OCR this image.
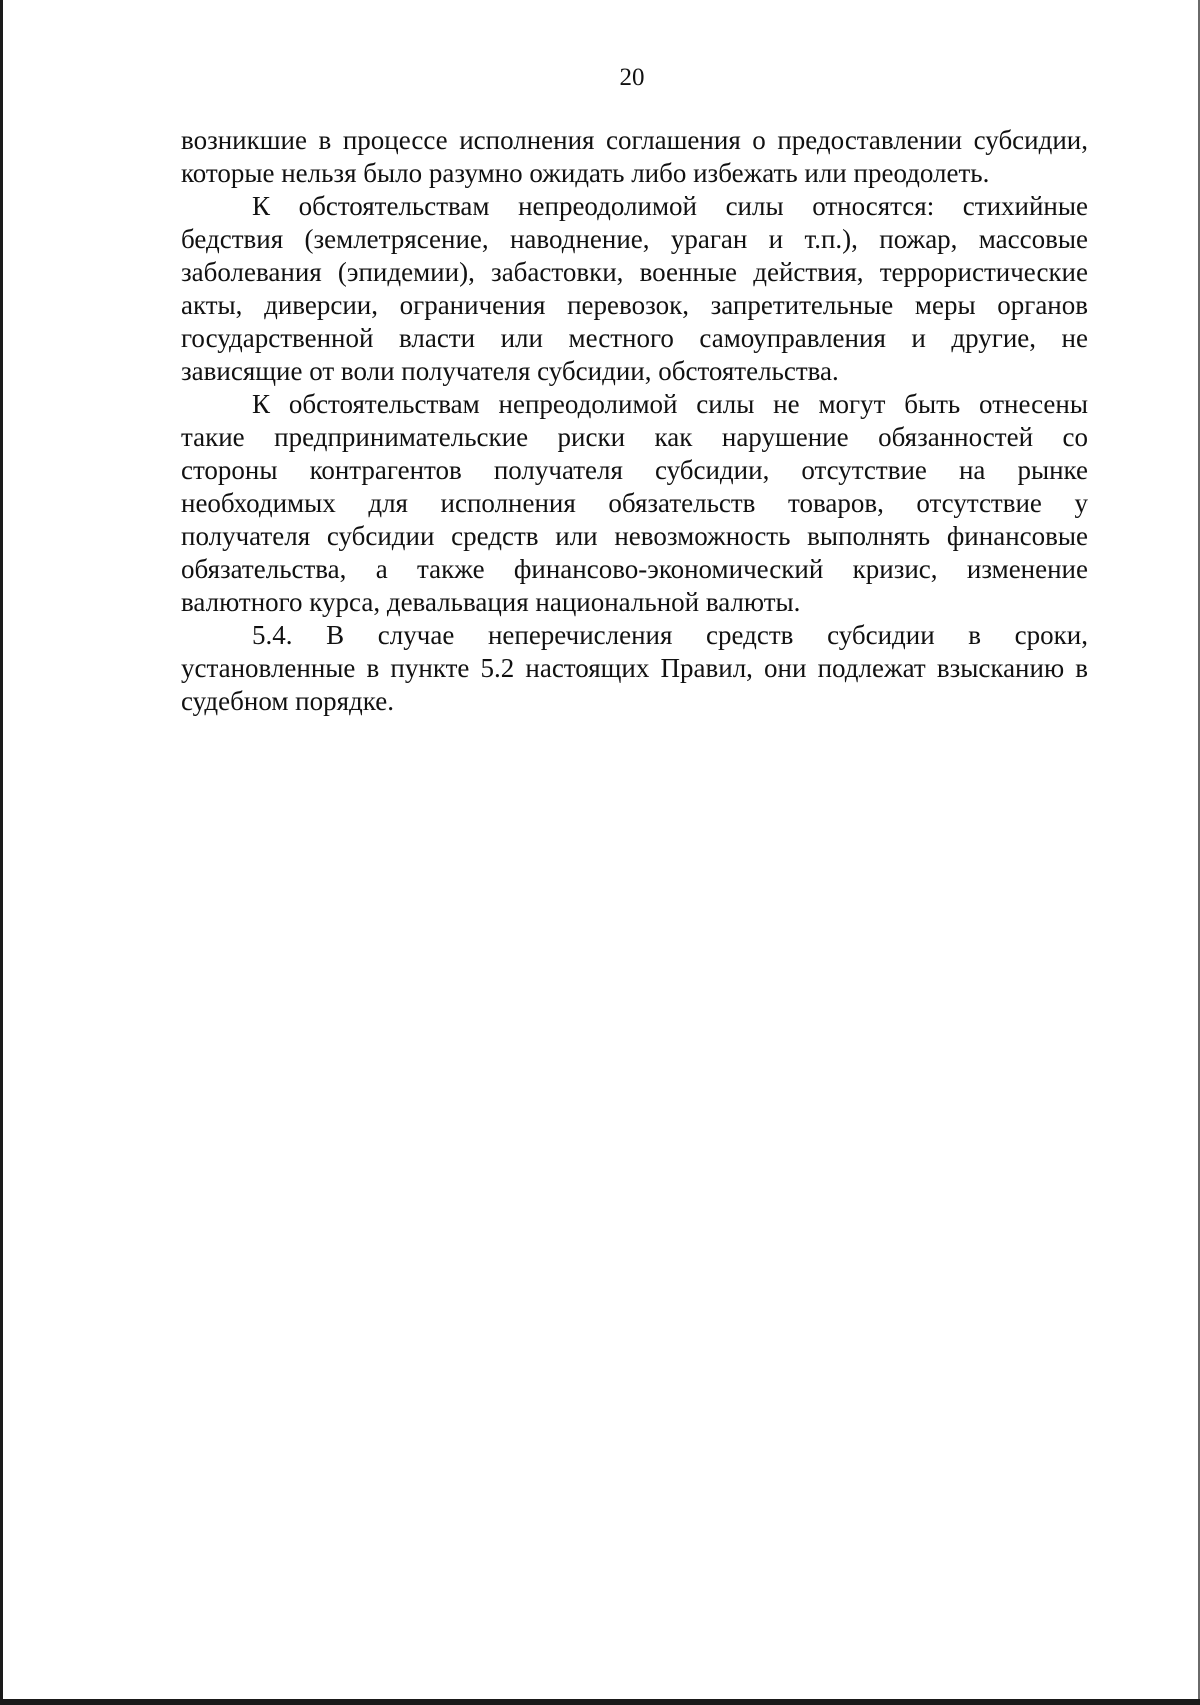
20
возникшие в процессе исполнения соглашения о предоставлении субсидии,
которые нельзя было разумно ожидать либо избежать или преодолеть.
К обстоятельствам непреодолимой силы относятся: стихийные
бедствия (землетрясение, наводнение, ураган и т.п.), пожар, массовые
заболевания (эпидемии), забастовки, военные действия, террористические
акты, диверсии, ограничения перевозок, запретительные меры органов
государственной власти или местного самоуправления и другие, не
зависящие от воли получателя субсидии, обстоятельства.
К обстоятельствам непреодолимой силы не могут быть отнесены
такие предпринимательские риски как нарушение обязанностей со
стороны контрагентов получателя субсидии, отсутствие на рынке
необходимых для исполнения обязательств товаров, отсутствие у
получателя субсидии средств или невозможность выполнять финансовые
обязательства, а также финансово-экономический кризис, изменение
валютного курса, девальвация национальной валюты.
5.4. В случае неперечисления средств субсидии в сроки,
установленные в пункте 5.2 настоящих Правил, они подлежат взысканию в
судебном порядке.
